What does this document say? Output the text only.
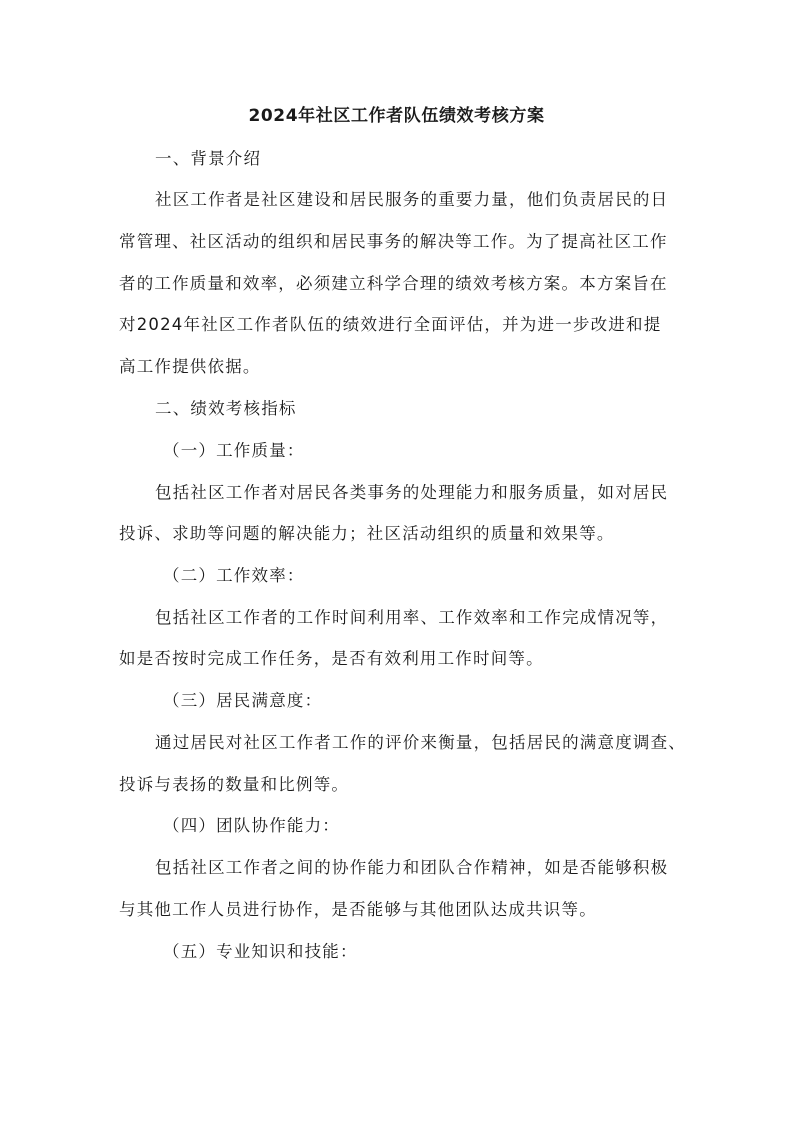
2024年社区工作者队伍绩效考核方案
一、背景介绍
社区工作者是社区建设和居民服务的重要力量，他们负责居民的日
常管理、社区活动的组织和居民事务的解决等工作。为了提高社区工作
者的工作质量和效率，必须建立科学合理的绩效考核方案。本方案旨在
对2024年社区工作者队伍的绩效进行全面评估，并为进一步改进和提
高工作提供依据。
二、绩效考核指标
（一）工作质量：
包括社区工作者对居民各类事务的处理能力和服务质量，如对居民
投诉、求助等问题的解决能力；社区活动组织的质量和效果等。
（二）工作效率：
包括社区工作者的工作时间利用率、工作效率和工作完成情况等，
如是否按时完成工作任务，是否有效利用工作时间等。
（三）居民满意度：
通过居民对社区工作者工作的评价来衡量，包括居民的满意度调查、
投诉与表扬的数量和比例等。
（四）团队协作能力：
包括社区工作者之间的协作能力和团队合作精神，如是否能够积极
与其他工作人员进行协作，是否能够与其他团队达成共识等。
（五）专业知识和技能：
